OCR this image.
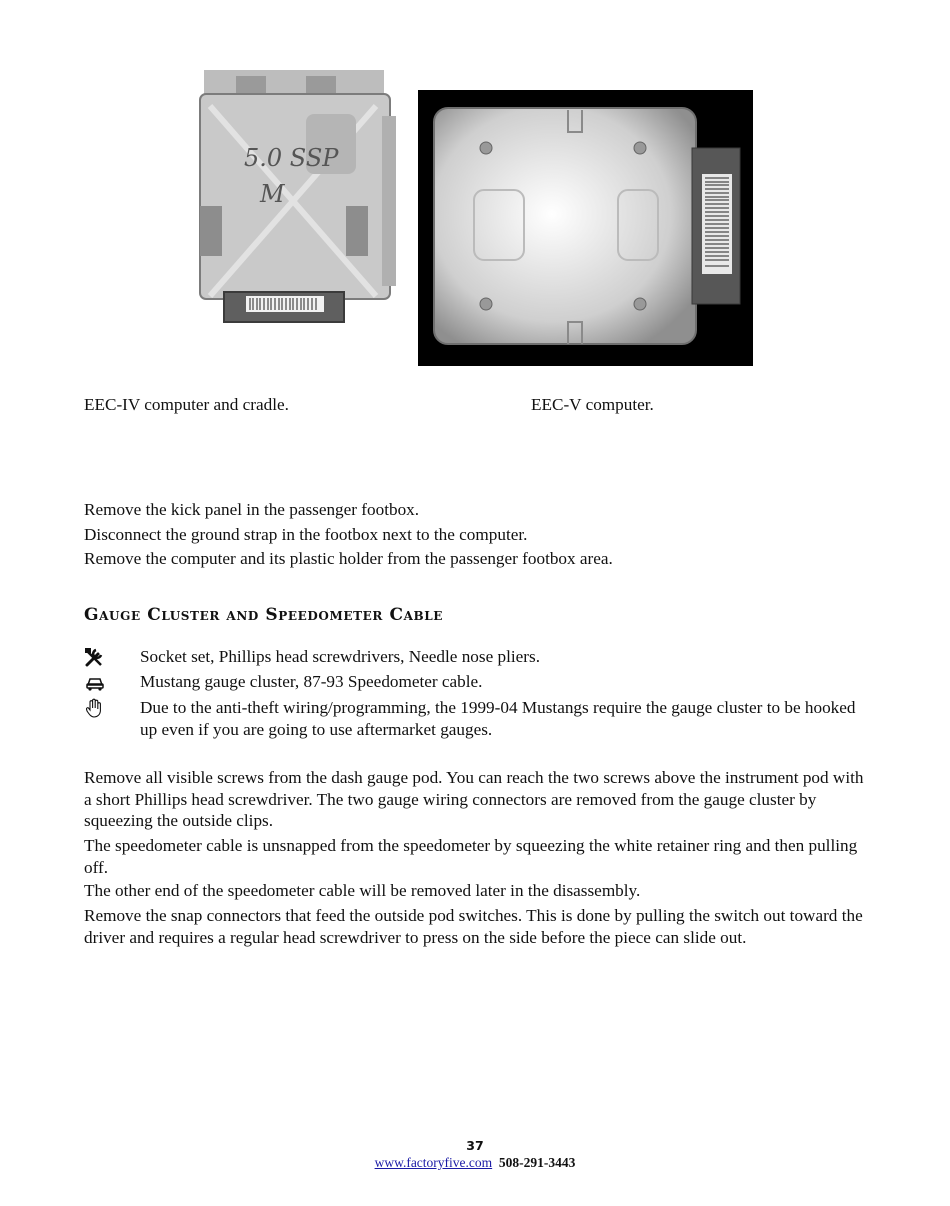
5.0 SSP
M
EEC-IV computer and cradle.	EEC-V computer.
Remove the kick panel in the passenger footbox.
Disconnect the ground strap in the footbox next to the computer.
Remove the computer and its plastic holder from the passenger footbox area.
Gauge Cluster and Speedometer Cable
Socket set, Phillips head screwdrivers, Needle nose pliers.
Mustang gauge cluster, 87-93 Speedometer cable.
Due to the anti-theft wiring/programming, the 1999-04 Mustangs require the gauge cluster to be hooked up even if you are going to use aftermarket gauges.
Remove all visible screws from the dash gauge pod. You can reach the two screws above the instrument pod with a short Phillips head screwdriver. The two gauge wiring connectors are removed from the gauge cluster by squeezing the outside clips.
The speedometer cable is unsnapped from the speedometer by squeezing the white retainer ring and then pulling off.
The other end of the speedometer cable will be removed later in the disassembly.
Remove the snap connectors that feed the outside pod switches. This is done by pulling the switch out toward the driver and requires a regular head screwdriver to press on the side before the piece can slide out.
37
www.factoryfive.com 508-291-3443
